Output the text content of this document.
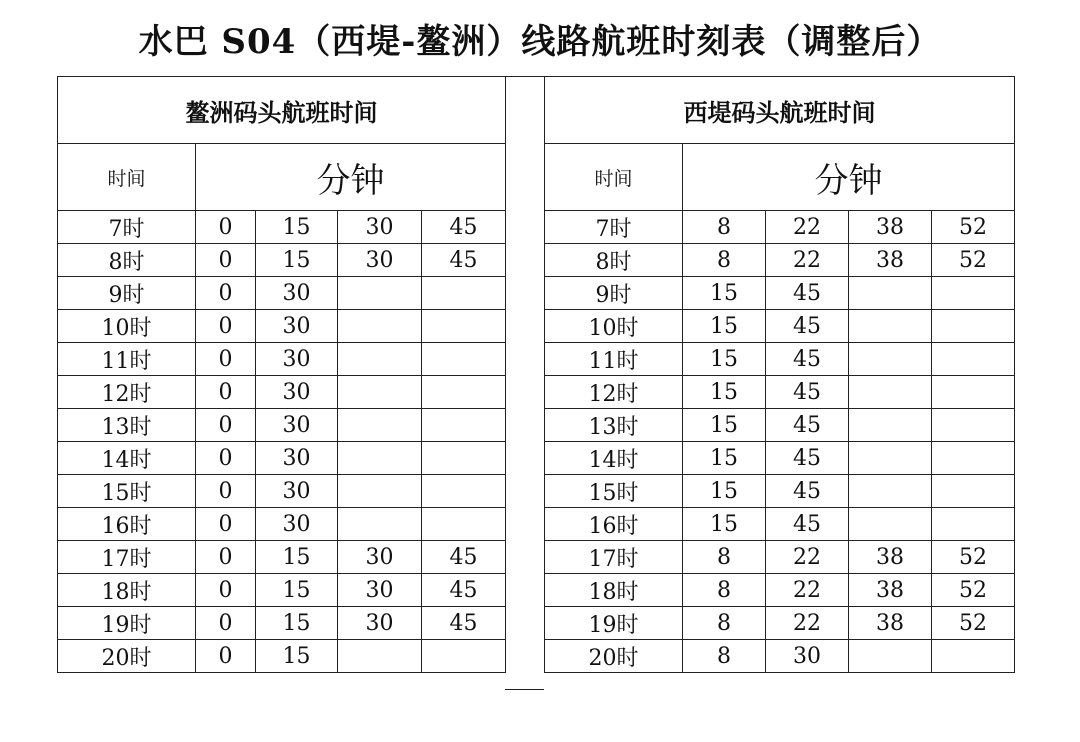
水巴 S04（西堤-鳌洲）线路航班时刻表（调整后）
鳌洲码头航班时间				
时间	分钟			
7时	0	15	30	45
8时	0	15	30	45
9时	0	30		
10时	0	30		
11时	0	30		
12时	0	30		
13时	0	30		
14时	0	30		
15时	0	30		
16时	0	30		
17时	0	15	30	45
18时	0	15	30	45
19时	0	15	30	45
20时	0	15		
西堤码头航班时间				
时间	分钟			
7时	8	22	38	52
8时	8	22	38	52
9时	15	45		
10时	15	45		
11时	15	45		
12时	15	45		
13时	15	45		
14时	15	45		
15时	15	45		
16时	15	45		
17时	8	22	38	52
18时	8	22	38	52
19时	8	22	38	52
20时	8	30		
